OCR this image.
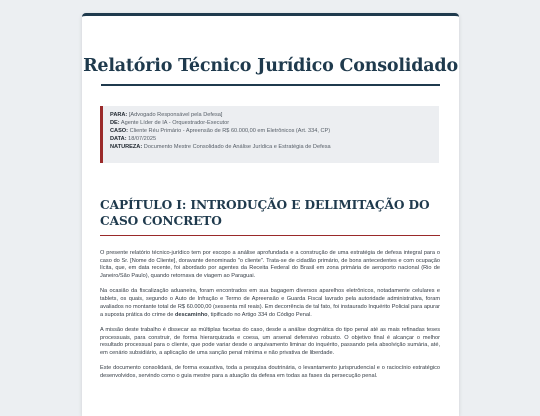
Relatório Técnico Jurídico Consolidado
PARA: [Advogado Responsável pela Defesa]
DE: Agente Líder de IA - Orquestrador-Executor
CASO: Cliente Réu Primário - Apreensão de R$ 60.000,00 em Eletrônicos (Art. 334, CP)
DATA: 18/07/2025
NATUREZA: Documento Mestre Consolidado de Análise Jurídica e Estratégia de Defesa
CAPÍTULO I: INTRODUÇÃO E DELIMITAÇÃO DO CASO CONCRETO

O presente relatório técnico-jurídico tem por escopo a análise aprofundada e a construção de uma estratégia de defesa integral para o caso do Sr. [Nome do Cliente], doravante denominado "o cliente". Trata-se de cidadão primário, de bons antecedentes e com ocupação lícita, que, em data recente, foi abordado por agentes da Receita Federal do Brasil em zona primária de aeroporto nacional (Rio de Janeiro/São Paulo), quando retornava de viagem ao Paraguai.

Na ocasião da fiscalização aduaneira, foram encontrados em sua bagagem diversos aparelhos eletrônicos, notadamente celulares e tablets, os quais, segundo o Auto de Infração e Termo de Apreensão e Guarda Fiscal lavrado pela autoridade administrativa, foram avaliados no montante total de R$ 60.000,00 (sessenta mil reais). Em decorrência de tal fato, foi instaurado Inquérito Policial para apurar a suposta prática do crime de descaminho, tipificado no Artigo 334 do Código Penal.

A missão deste trabalho é dissecar as múltiplas facetas do caso, desde a análise dogmática do tipo penal até as mais refinadas teses processuais, para construir, de forma hierarquizada e coesa, um arsenal defensivo robusto. O objetivo final é alcançar o melhor resultado processual para o cliente, que pode variar desde o arquivamento liminar do inquérito, passando pela absolvição sumária, até, em cenário subsidiário, a aplicação de uma sanção penal mínima e não privativa de liberdade.

Este documento consolidará, de forma exaustiva, toda a pesquisa doutrinária, o levantamento jurisprudencial e o raciocínio estratégico desenvolvidos, servindo como o guia mestre para a atuação da defesa em todas as fases da persecução penal.
